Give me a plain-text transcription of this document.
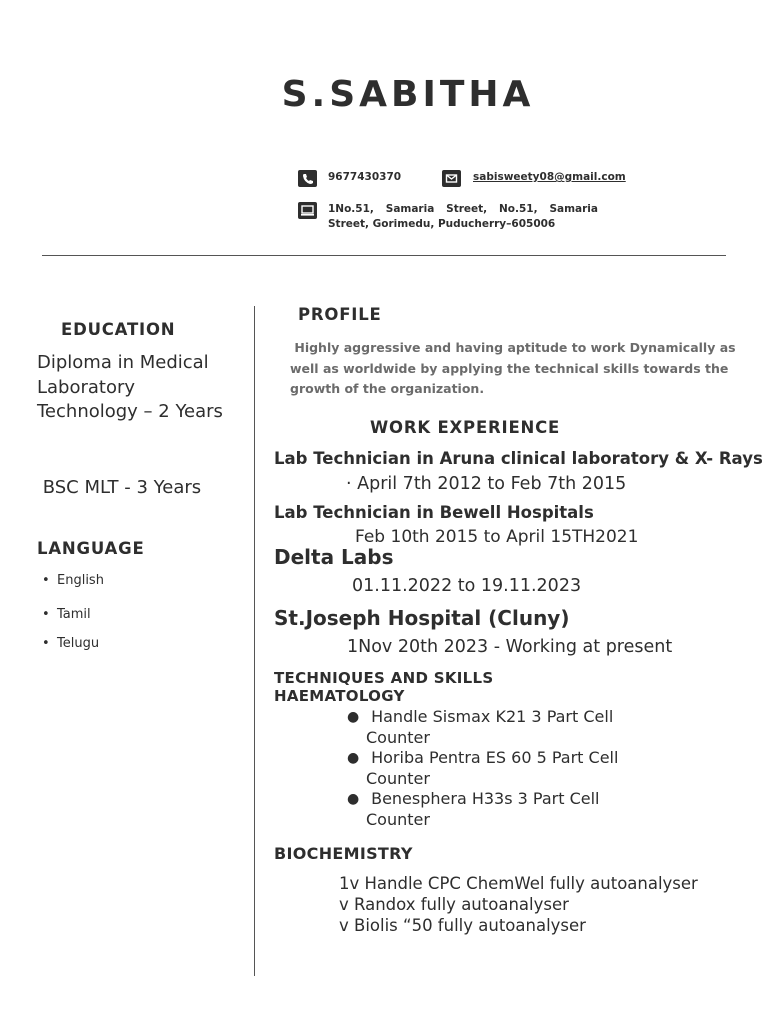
S.SABITHA
9677430370	sabisweety08@gmail.com
1No.51, Samaria Street, No.51, Samaria Street, Gorimedu, Puducherry–605006
EDUCATION
Diploma in Medical Laboratory Technology – 2 Years
BSC MLT - 3 Years
LANGUAGE
• English
• Tamil
• Telugu
PROFILE
Highly aggressive and having aptitude to work Dynamically as well as worldwide by applying the technical skills towards the growth of the organization.
WORK EXPERIENCE
Lab Technician in Aruna clinical laboratory & X- Rays
· April 7th 2012 to Feb 7th 2015
Lab Technician in Bewell Hospitals
Feb 10th 2015 to April 15TH2021
Delta Labs
01.11.2022 to 19.11.2023
St.Joseph Hospital (Cluny)
1Nov 20th 2023 - Working at present
TECHNIQUES AND SKILLS
HAEMATOLOGY
● Handle Sismax K21 3 Part Cell Counter
● Horiba Pentra ES 60 5 Part Cell Counter
● Benesphera H33s 3 Part Cell Counter
BIOCHEMISTRY
1v Handle CPC ChemWel fully autoanalyser
v Randox fully autoanalyser
v Biolis “50 fully autoanalyser
